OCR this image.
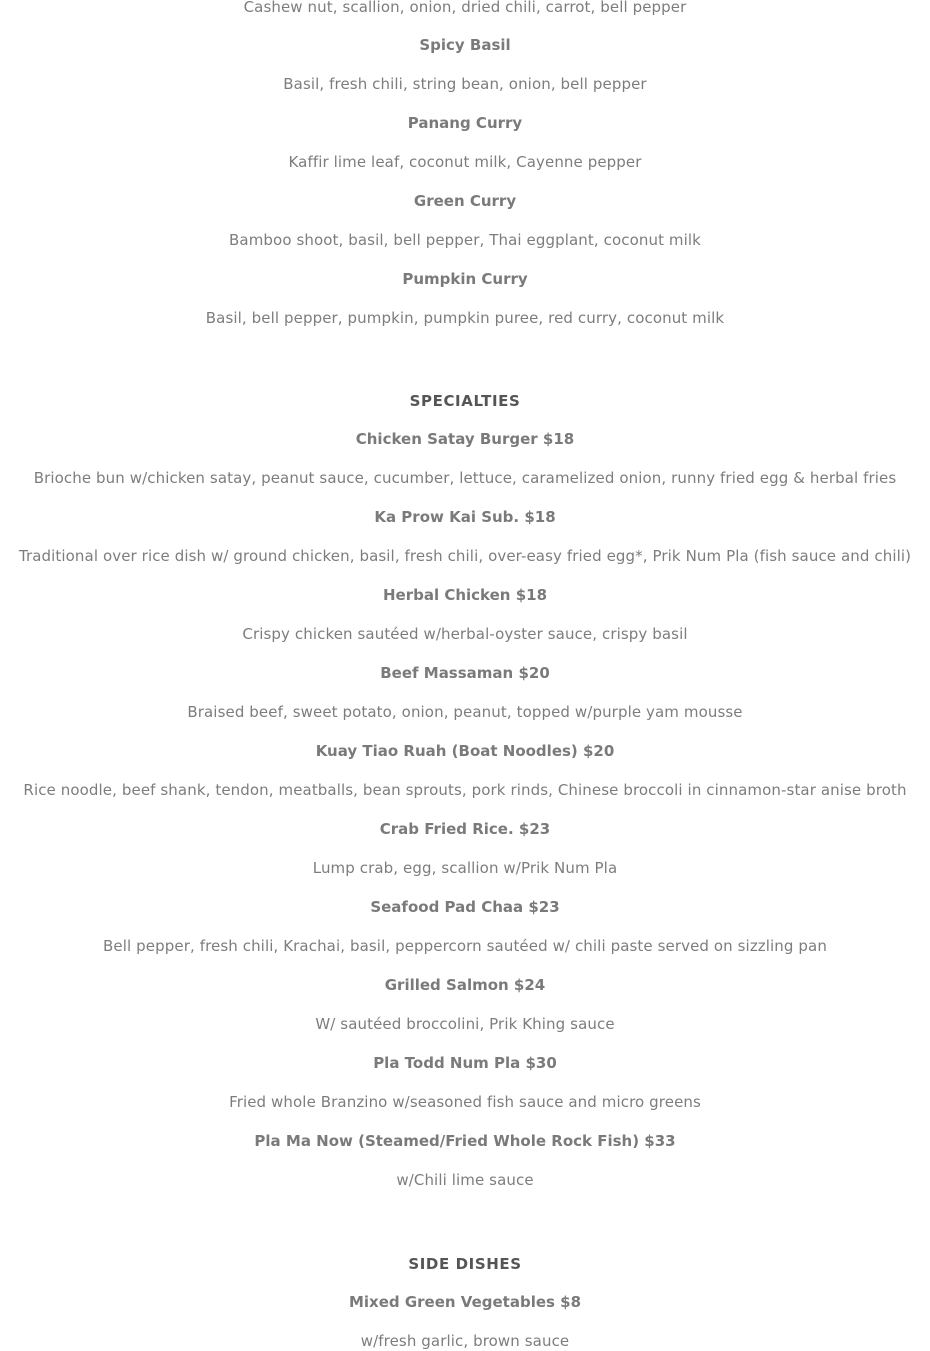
Cashew nut, scallion, onion, dried chili, carrot, bell pepper

Spicy Basil

Basil, fresh chili, string bean, onion, bell pepper

Panang Curry

Kaffir lime leaf, coconut milk, Cayenne pepper

Green Curry

Bamboo shoot, basil, bell pepper, Thai eggplant, coconut milk

Pumpkin Curry

Basil, bell pepper, pumpkin, pumpkin puree, red curry, coconut milk

SPECIALTIES

Chicken Satay Burger $18

Brioche bun w/chicken satay, peanut sauce, cucumber, lettuce, caramelized onion, runny fried egg & herbal fries

Ka Prow Kai Sub. $18

Traditional over rice dish w/ ground chicken, basil, fresh chili, over-easy fried egg*, Prik Num Pla (fish sauce and chili)

Herbal Chicken $18

Crispy chicken sautéed w/herbal-oyster sauce, crispy basil

Beef Massaman $20

Braised beef, sweet potato, onion, peanut, topped w/purple yam mousse

Kuay Tiao Ruah (Boat Noodles) $20

Rice noodle, beef shank, tendon, meatballs, bean sprouts, pork rinds, Chinese broccoli in cinnamon-star anise broth

Crab Fried Rice. $23

Lump crab, egg, scallion w/Prik Num Pla

Seafood Pad Chaa $23

Bell pepper, fresh chili, Krachai, basil, peppercorn sautéed w/ chili paste served on sizzling pan

Grilled Salmon $24

W/ sautéed broccolini, Prik Khing sauce

Pla Todd Num Pla $30

Fried whole Branzino w/seasoned fish sauce and micro greens

Pla Ma Now (Steamed/Fried Whole Rock Fish) $33

w/Chili lime sauce

SIDE DISHES

Mixed Green Vegetables $8

w/fresh garlic, brown sauce
